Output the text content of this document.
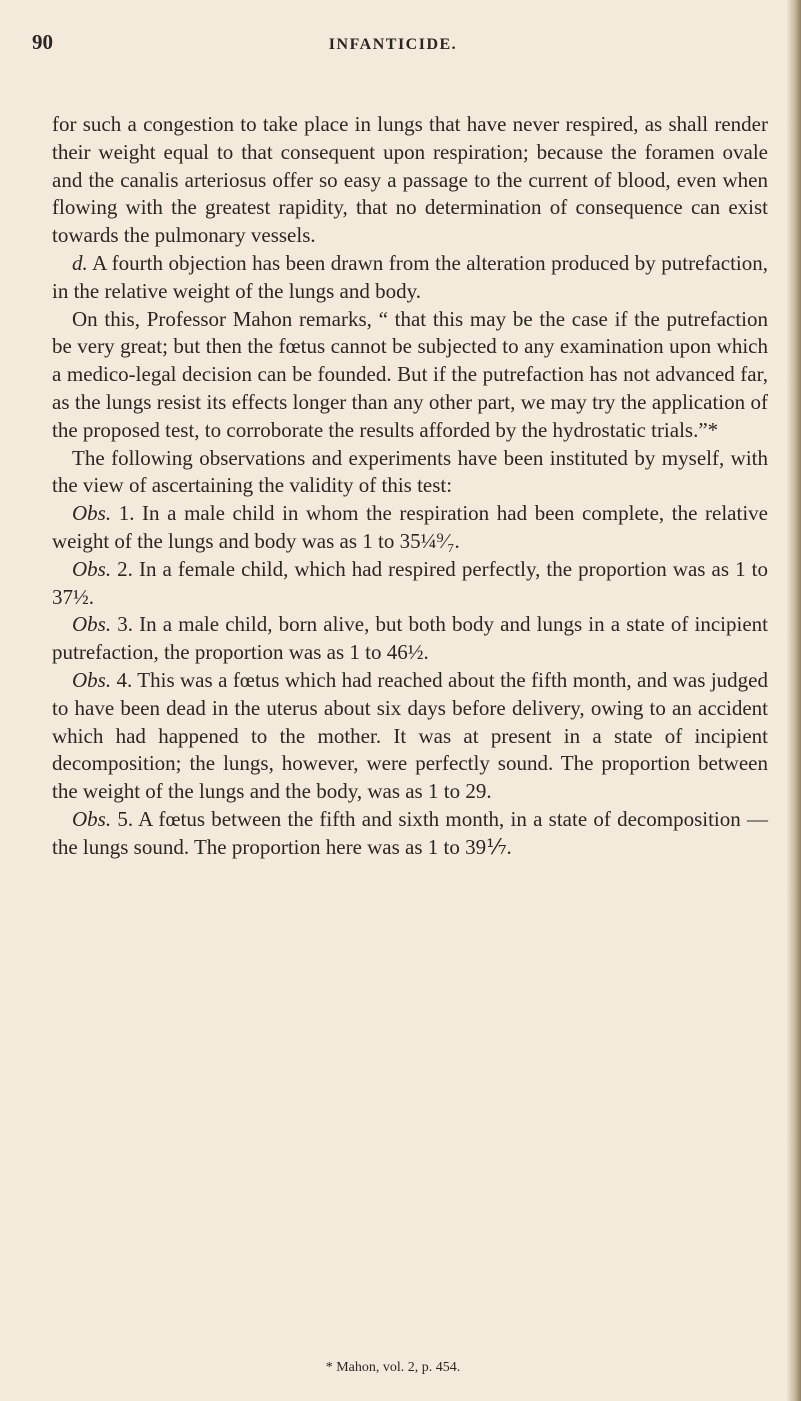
90	INFANTICIDE.

for such a congestion to take place in lungs that have never respired, as shall render their weight equal to that consequent upon respiration; because the foramen ovale and the canalis arteriosus offer so easy a passage to the current of blood, even when flowing with the greatest rapidity, that no determination of consequence can exist towards the pulmonary vessels.

d. A fourth objection has been drawn from the alteration produced by putrefaction, in the relative weight of the lungs and body.

On this, Professor Mahon remarks, “ that this may be the case if the putrefaction be very great; but then the fœtus cannot be subjected to any examination upon which a medico-legal decision can be founded. But if the putrefaction has not advanced far, as the lungs resist its effects longer than any other part, we may try the application of the proposed test, to corroborate the results afforded by the hydrostatic trials.”*

The following observations and experiments have been instituted by myself, with the view of ascertaining the validity of this test:

Obs. 1. In a male child in whom the respiration had been complete, the relative weight of the lungs and body was as 1 to 35¼⁹⁄₇.

Obs. 2. In a female child, which had respired perfectly, the proportion was as 1 to 37½.

Obs. 3. In a male child, born alive, but both body and lungs in a state of incipient putrefaction, the proportion was as 1 to 46½.

Obs. 4. This was a fœtus which had reached about the fifth month, and was judged to have been dead in the uterus about six days before delivery, owing to an accident which had happened to the mother. It was at present in a state of incipient decomposition; the lungs, however, were perfectly sound. The proportion between the weight of the lungs and the body, was as 1 to 29.

Obs. 5. A fœtus between the fifth and sixth month, in a state of decomposition — the lungs sound. The proportion here was as 1 to 39⅐.

* Mahon, vol. 2, p. 454.
